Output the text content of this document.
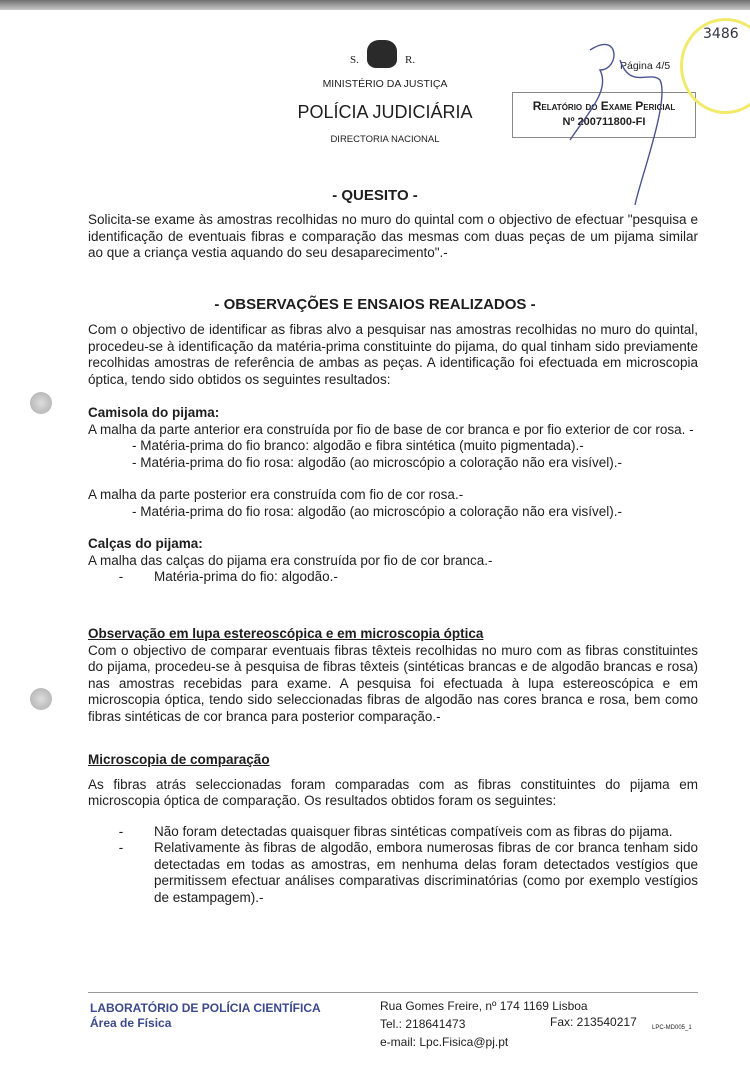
S.	R.
MINISTÉRIO DA JUSTIÇA
POLÍCIA JUDICIÁRIA
DIRECTORIA NACIONAL
Página 4/5
Relatório do Exame Pericial
Nº 200711800-FI
3486
- QUESITO -
Solicita-se exame às amostras recolhidas no muro do quintal com o objectivo de efectuar "pesquisa e identificação de eventuais fibras e comparação das mesmas com duas peças de um pijama similar ao que a criança vestia aquando do seu desaparecimento".-
- OBSERVAÇÕES E ENSAIOS REALIZADOS -
Com o objectivo de identificar as fibras alvo a pesquisar nas amostras recolhidas no muro do quintal, procedeu-se à identificação da matéria-prima constituinte do pijama, do qual tinham sido previamente recolhidas amostras de referência de ambas as peças. A identificação foi efectuada em microscopia óptica, tendo sido obtidos os seguintes resultados:
Camisola do pijama:
A malha da parte anterior era construída por fio de base de cor branca e por fio exterior de cor rosa. -
- Matéria-prima do fio branco: algodão e fibra sintética (muito pigmentada).-
- Matéria-prima do fio rosa: algodão (ao microscópio a coloração não era visível).-
A malha da parte posterior era construída com fio de cor rosa.-
- Matéria-prima do fio rosa: algodão (ao microscópio a coloração não era visível).-
Calças do pijama:
A malha das calças do pijama era construída por fio de cor branca.-
-	Matéria-prima do fio: algodão.-
Observação em lupa estereoscópica e em microscopia óptica
Com o objectivo de comparar eventuais fibras têxteis recolhidas no muro com as fibras constituintes do pijama, procedeu-se à pesquisa de fibras têxteis (sintéticas brancas e de algodão brancas e rosa) nas amostras recebidas para exame. A pesquisa foi efectuada à lupa estereoscópica e em microscopia óptica, tendo sido seleccionadas fibras de algodão nas cores branca e rosa, bem como fibras sintéticas de cor branca para posterior comparação.-
Microscopia de comparação
As fibras atrás seleccionadas foram comparadas com as fibras constituintes do pijama em microscopia óptica de comparação. Os resultados obtidos foram os seguintes:
-	Não foram detectadas quaisquer fibras sintéticas compatíveis com as fibras do pijama.
-	Relativamente às fibras de algodão, embora numerosas fibras de cor branca tenham sido detectadas em todas as amostras, em nenhuma delas foram detectados vestígios que permitissem efectuar análises comparativas discriminatórias (como por exemplo vestígios de estampagem).-
LABORATÓRIO DE POLÍCIA CIENTÍFICA
Área de Física
Rua Gomes Freire, nº 174 1169 Lisboa
Tel.: 218641473
e-mail: Lpc.Fisica@pj.pt
Fax: 213540217	LPC-MD005_1
